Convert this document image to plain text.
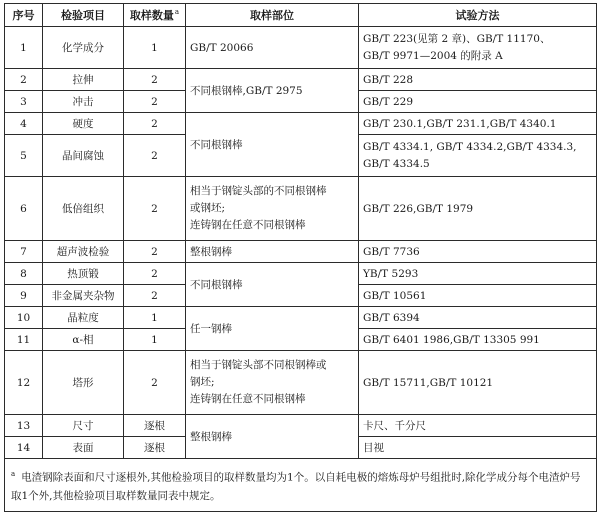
序号	检验项目	取样数量$^a$	取样部位	试验方法
1	化学成分	1	GB/T 20066	GB/T 223(见第 2 章)、GB/T 11170、
GB/T 9971—2004 的附录 A

2	拉伸	2	不同根钢棒,GB/T 2975	GB/T 228
3	冲击	2		GB/T 229
4	硬度	2	不同根钢棒	GB/T 230.1,GB/T 231.1,GB/T 4340.1
5	晶间腐蚀	2		GB/T 4334.1, GB/T 4334.2,GB/T 4334.3,
GB/T 4334.5

6	低倍组织	2	相当于钢锭头部的不同根钢棒
或钢坯;
连铸钢在任意不同根钢棒	GB/T 226,GB/T 1979
7	超声波检验	2	整根钢棒	GB/T 7736
8	热顶锻	2	不同根钢棒	YB/T 5293
9	非金属夹杂物	2		GB/T 10561
10	晶粒度	1	任一钢棒	GB/T 6394
11	α-相	1		GB/T 6401 1986,GB/T 13305 991
12	塔形	2	相当于钢锭头部不同根钢棒或
钢坯;
连铸钢在任意不同根钢棒	GB/T 15711,GB/T 10121
13	尺寸	逐根	整根钢棒	卡尺、千分尺
14	表面	逐根		目视
$^a$ 电渣钢除表面和尺寸逐根外,其他检验项目的取样数量均为1个。以自耗电极的熔炼母炉号组批时,除化学成分每个电渣炉号取1个外,其他检验项目取样数量同表中规定。				
